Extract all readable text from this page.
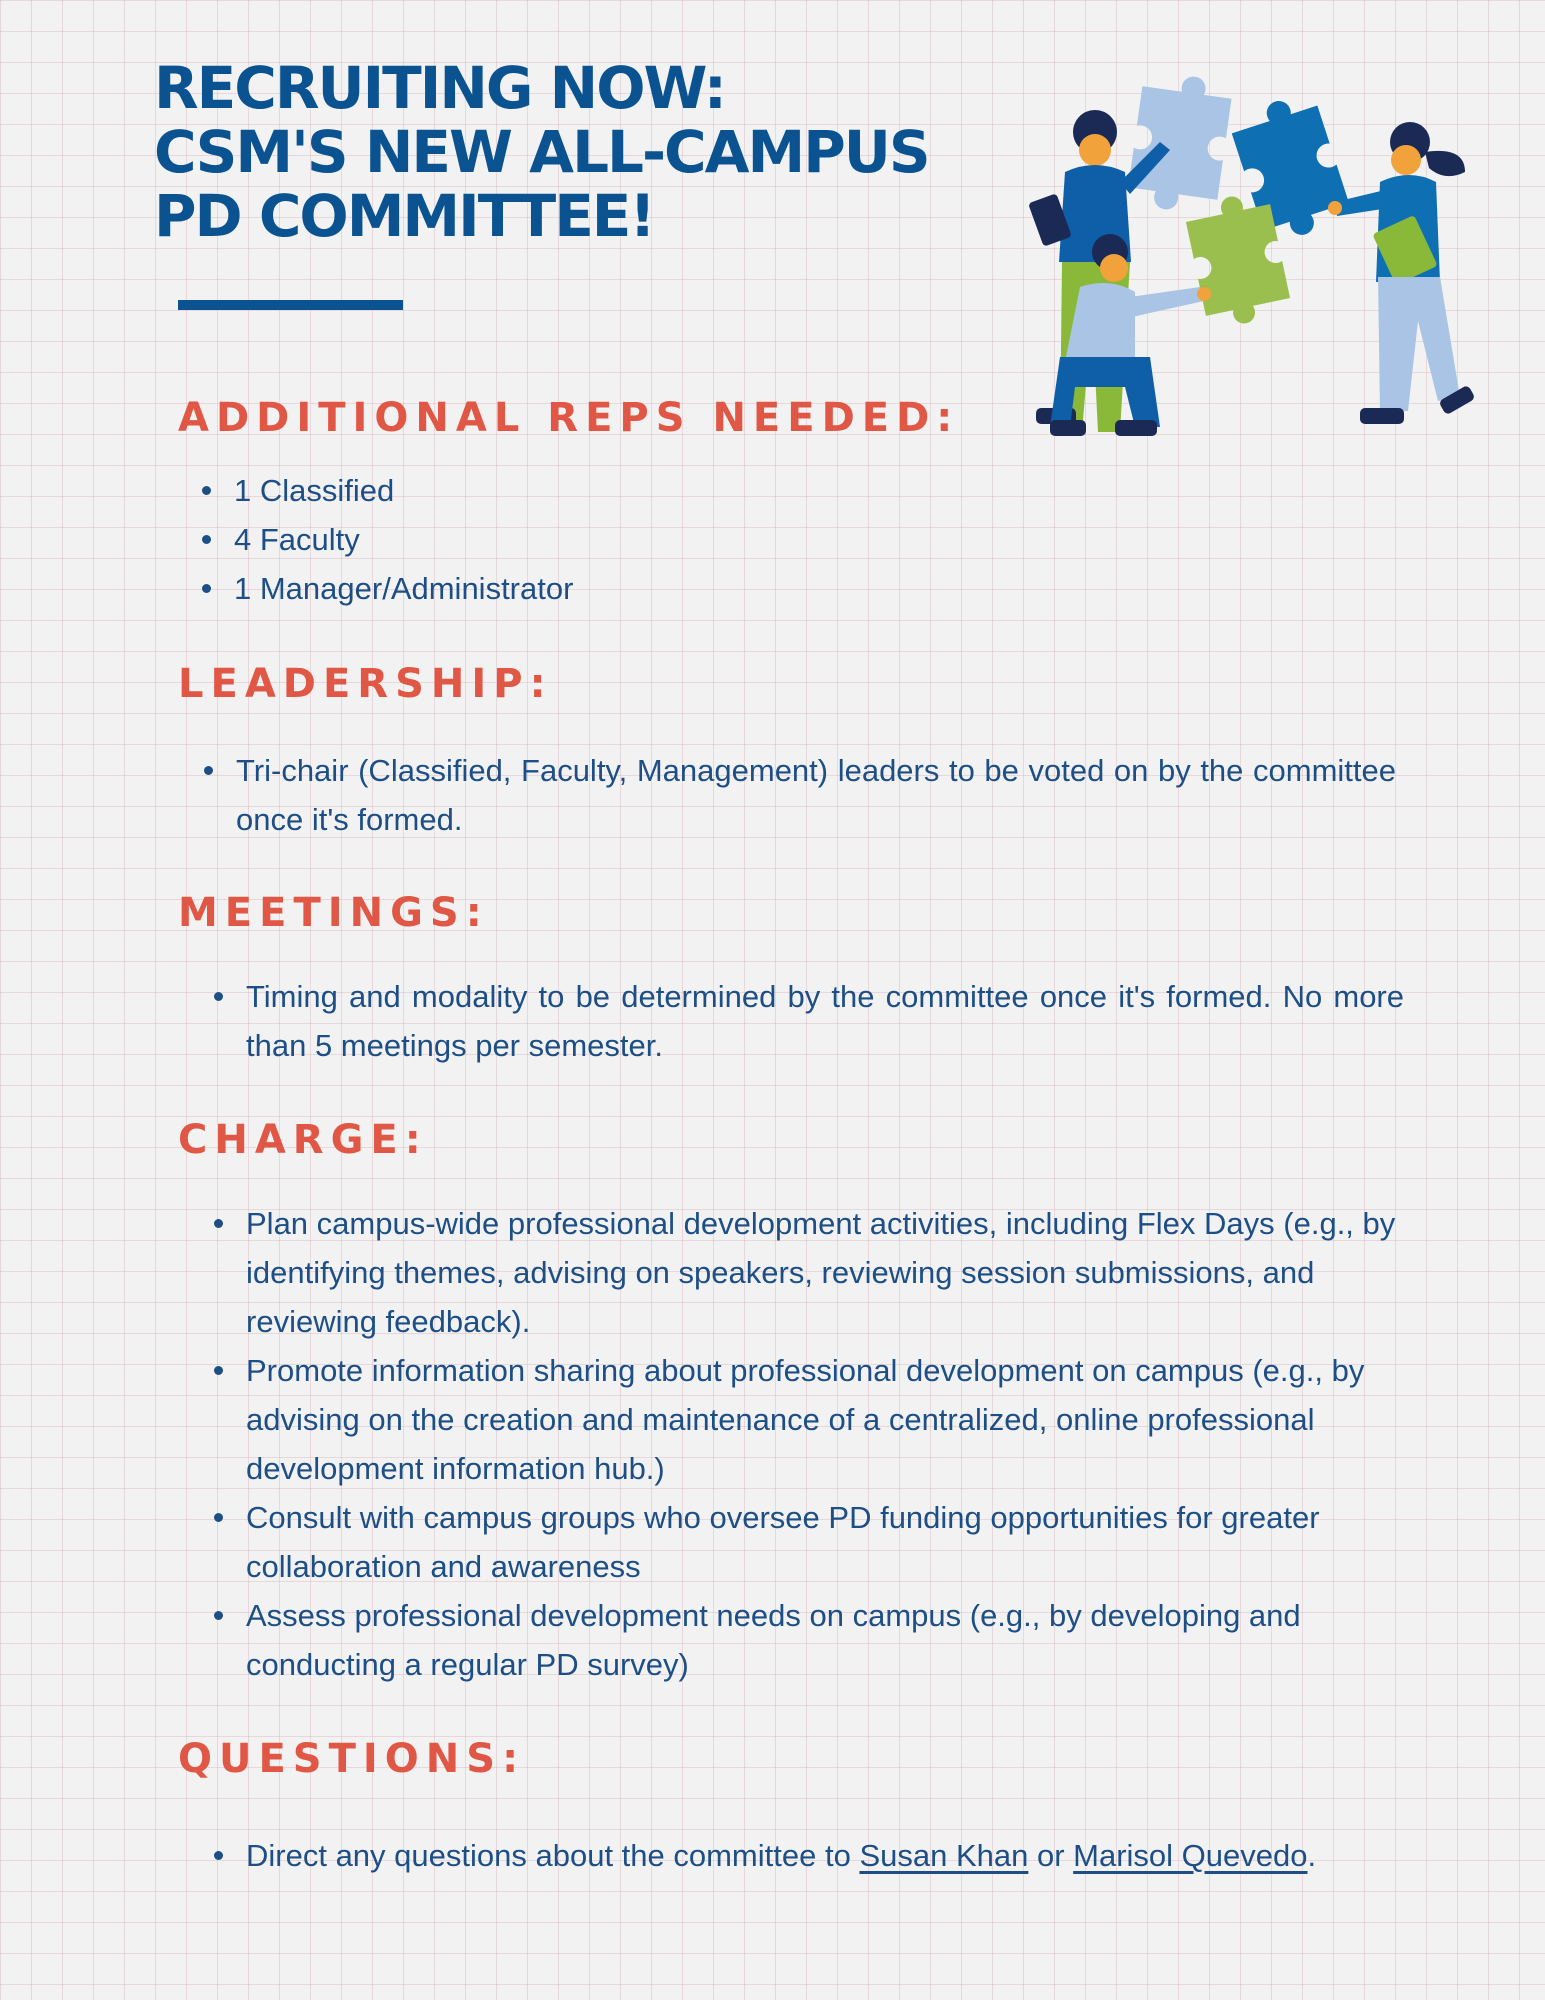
RECRUITING NOW:
CSM'S NEW ALL-CAMPUS
PD COMMITTEE!
ADDITIONAL REPS NEEDED:
1 Classified
4 Faculty
1 Manager/Administrator
LEADERSHIP:
Tri-chair (Classified, Faculty, Management) leaders to be voted on by the committee once it's formed.
MEETINGS:
Timing and modality to be determined by the committee once it's formed. No more than 5 meetings per semester.
CHARGE:
Plan campus-wide professional development activities, including Flex Days (e.g., by identifying themes, advising on speakers, reviewing session submissions, and reviewing feedback).
Promote information sharing about professional development on campus (e.g., by advising on the creation and maintenance of a centralized, online professional development information hub.)
Consult with campus groups who oversee PD funding opportunities for greater collaboration and awareness
Assess professional development needs on campus (e.g., by developing and conducting a regular PD survey)
QUESTIONS:
Direct any questions about the committee to Susan Khan or Marisol Quevedo.
